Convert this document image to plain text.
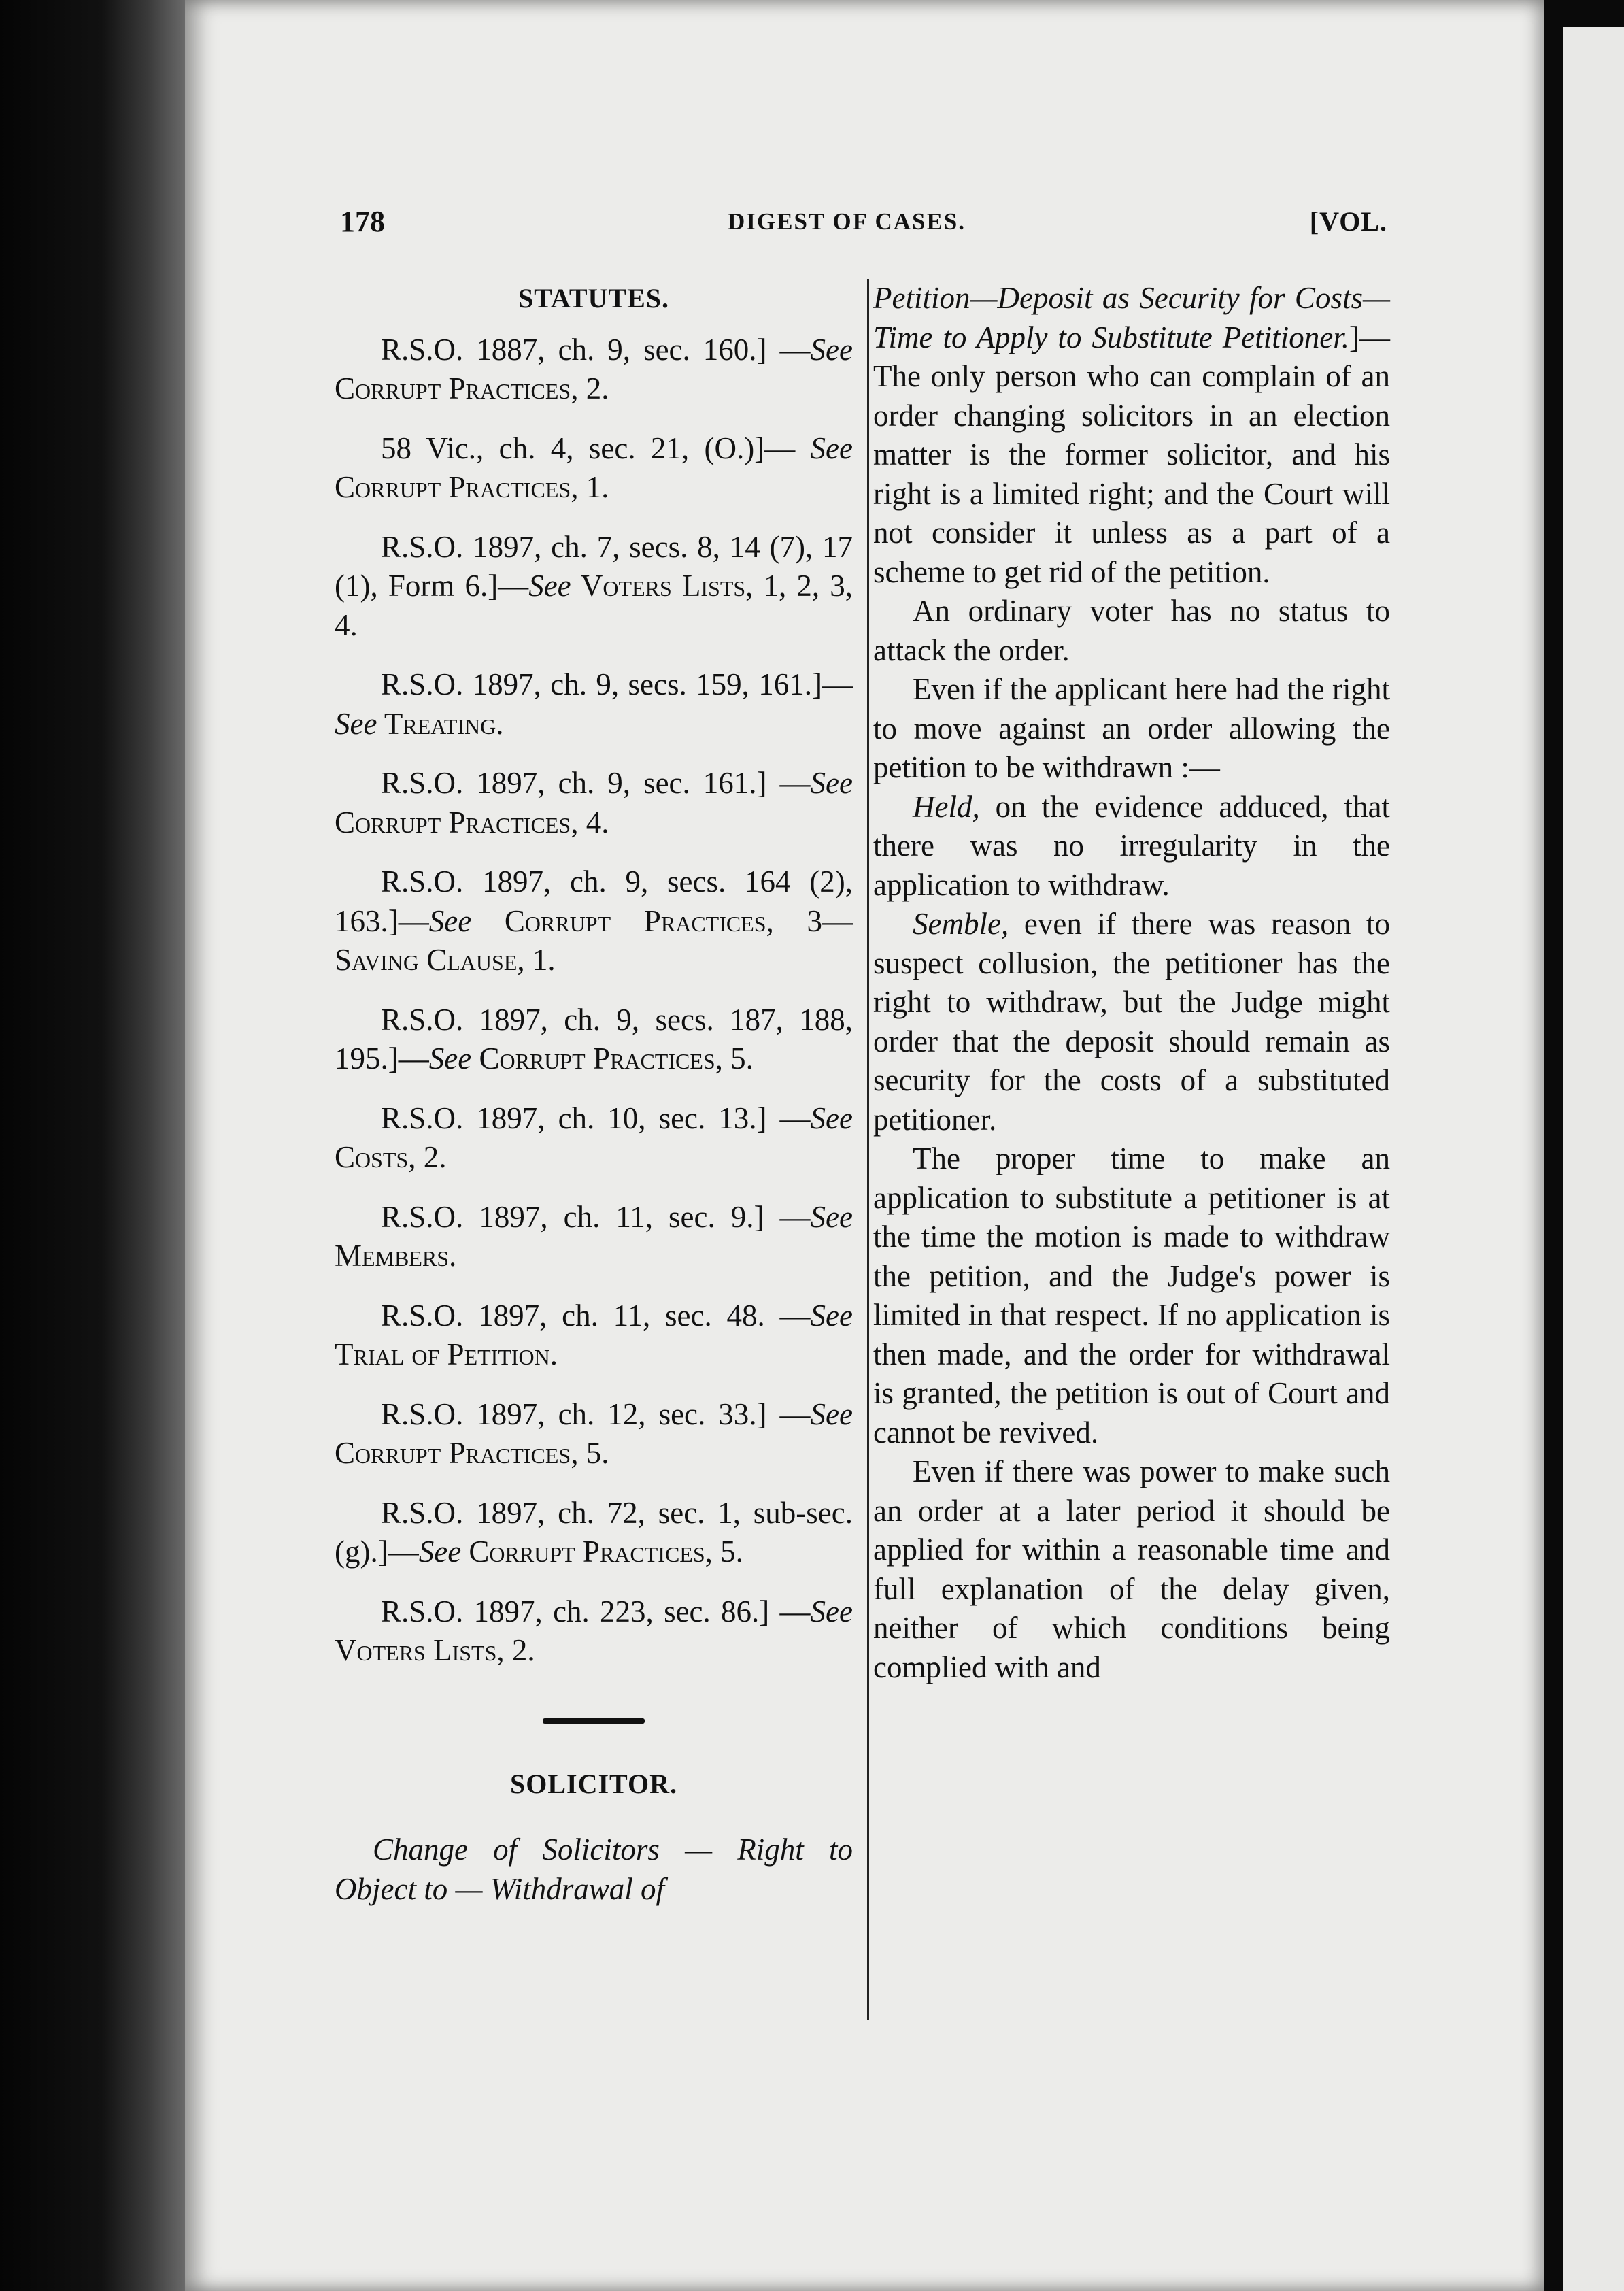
178	DIGEST OF CASES.	[VOL.
STATUTES.

R.S.O. 1887, ch. 9, sec. 160.] —See Corrupt Practices, 2.

58 Vic., ch. 4, sec. 21, (O.)]— See Corrupt Practices, 1.

R.S.O. 1897, ch. 7, secs. 8, 14 (7), 17 (1), Form 6.]—See Voters Lists, 1, 2, 3, 4.

R.S.O. 1897, ch. 9, secs. 159, 161.]—See Treating.

R.S.O. 1897, ch. 9, sec. 161.] —See Corrupt Practices, 4.

R.S.O. 1897, ch. 9, secs. 164 (2), 163.]—See Corrupt Practices, 3—Saving Clause, 1.

R.S.O. 1897, ch. 9, secs. 187, 188, 195.]—See Corrupt Practices, 5.

R.S.O. 1897, ch. 10, sec. 13.] —See Costs, 2.

R.S.O. 1897, ch. 11, sec. 9.] —See Members.

R.S.O. 1897, ch. 11, sec. 48. —See Trial of Petition.

R.S.O. 1897, ch. 12, sec. 33.] —See Corrupt Practices, 5.

R.S.O. 1897, ch. 72, sec. 1, sub-sec. (g).]—See Corrupt Practices, 5.

R.S.O. 1897, ch. 223, sec. 86.] —See Voters Lists, 2.

SOLICITOR.

Change of Solicitors — Right to Object to — Withdrawal of

Petition—Deposit as Security for Costs—Time to Apply to Substitute Petitioner.]—The only person who can complain of an order changing solicitors in an election matter is the former solicitor, and his right is a limited right; and the Court will not consider it unless as a part of a scheme to get rid of the petition.

An ordinary voter has no status to attack the order.

Even if the applicant here had the right to move against an order allowing the petition to be withdrawn :—

Held, on the evidence adduced, that there was no irregularity in the application to withdraw.

Semble, even if there was reason to suspect collusion, the petitioner has the right to withdraw, but the Judge might order that the deposit should remain as security for the costs of a substituted petitioner.

The proper time to make an application to substitute a petitioner is at the time the motion is made to withdraw the petition, and the Judge's power is limited in that respect. If no application is then made, and the order for withdrawal is granted, the petition is out of Court and cannot be revived.

Even if there was power to make such an order at a later period it should be applied for within a reasonable time and full explanation of the delay given, neither of which conditions being complied with and
